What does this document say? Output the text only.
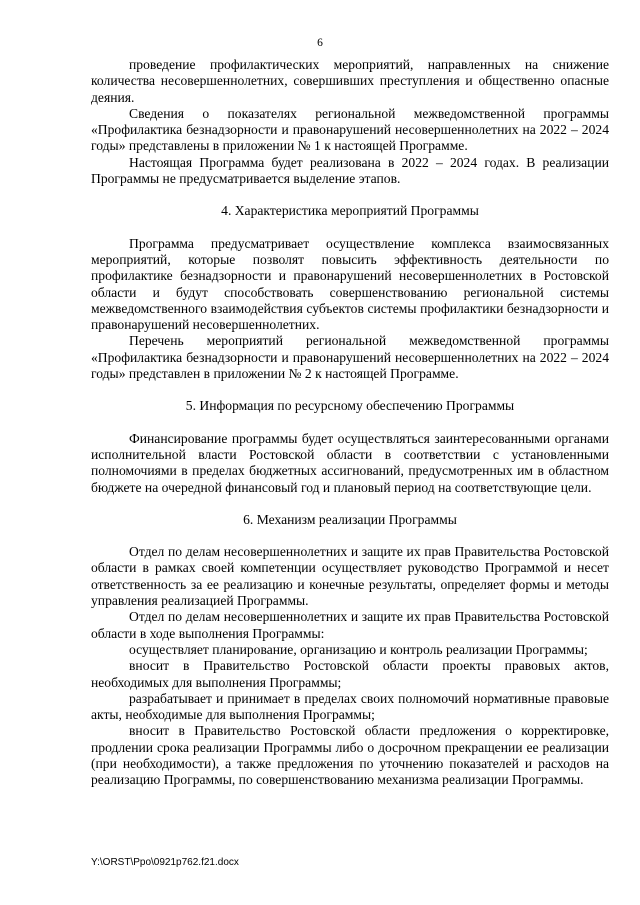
6

проведение профилактических мероприятий, направленных на снижение количества несовершеннолетних, совершивших преступления и общественно опасные деяния.

Сведения о показателях региональной межведомственной программы «Профилактика безнадзорности и правонарушений несовершеннолетних на 2022 – 2024 годы» представлены в приложении № 1 к настоящей Программе.

Настоящая Программа будет реализована в 2022 – 2024 годах. В реализации Программы не предусматривается выделение этапов.

4. Характеристика мероприятий Программы

Программа предусматривает осуществление комплекса взаимосвязанных мероприятий, которые позволят повысить эффективность деятельности по профилактике безнадзорности и правонарушений несовершеннолетних в Ростовской области и будут способствовать совершенствованию региональной системы межведомственного взаимодействия субъектов системы профилактики безнадзорности и правонарушений несовершеннолетних.

Перечень мероприятий региональной межведомственной программы «Профилактика безнадзорности и правонарушений несовершеннолетних на 2022 – 2024 годы» представлен в приложении № 2 к настоящей Программе.

5. Информация по ресурсному обеспечению Программы

Финансирование программы будет осуществляться заинтересованными органами исполнительной власти Ростовской области в соответствии с установленными полномочиями в пределах бюджетных ассигнований, предусмотренных им в областном бюджете на очередной финансовый год и плановый период на соответствующие цели.

6. Механизм реализации Программы

Отдел по делам несовершеннолетних и защите их прав Правительства Ростовской области в рамках своей компетенции осуществляет руководство Программой и несет ответственность за ее реализацию и конечные результаты, определяет формы и методы управления реализацией Программы.

Отдел по делам несовершеннолетних и защите их прав Правительства Ростовской области в ходе выполнения Программы:

осуществляет планирование, организацию и контроль реализации Программы;

вносит в Правительство Ростовской области проекты правовых актов, необходимых для выполнения Программы;

разрабатывает и принимает в пределах своих полномочий нормативные правовые акты, необходимые для выполнения Программы;

вносит в Правительство Ростовской области предложения о корректировке, продлении срока реализации Программы либо о досрочном прекращении ее реализации (при необходимости), а также предложения по уточнению показателей и расходов на реализацию Программы, по совершенствованию механизма реализации Программы.

Y:\ORST\Ppo\0921p762.f21.docx
